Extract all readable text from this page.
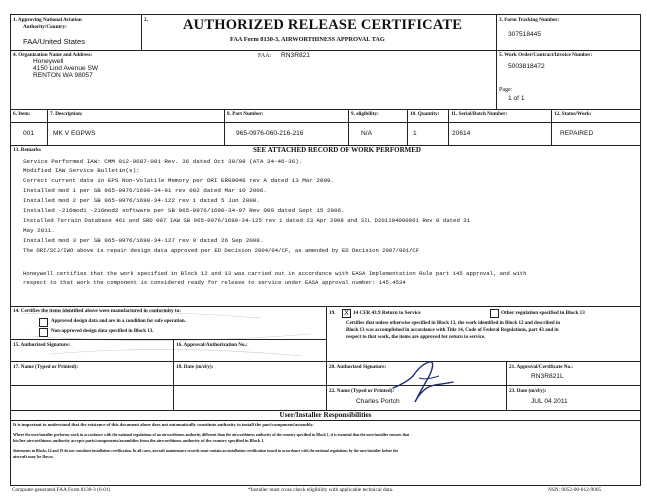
1. Approving National Aviation
Authority/Country:
FAA/United States
2. AUTHORIZED RELEASE CERTIFICATE
FAA Form 8130-3, AIRWORTHINESS APPROVAL TAG
3. Form Tracking Number:
307518445
4. Organization Name and Address:
Honeywell
4150 Lind Avenue SW
RENTON WA 98057
FAA: RN3R821	5. Work Order/Contract/Invoice Number:
5003818472
Page:
1 of 1
6. Item:	7. Description:	8. Part Number:	9. eligibility:	10. Quantity: 11. Serial/Batch Number:	12. Status/Work:
001	MK V EGPWS	965-0976-060-216-216	N/A	1	20614	REPAIRED
13. Remarks	SEE ATTACHED RECORD OF WORK PERFORMED
Service Performed IAW: CMM 012-0687-001 Rev. 36 dated Oct 30/08 (ATA 34-46-36).
Modified IAW Service Bulletin(s):
Correct current date in EPS Non-Volatile Memory per ORI ER00046 rev A dated 13 Mar 2009.
Installed mod 1 per SB 965-0976/1690-34-91 rev 002 dated Mar 10 2006.
Installed mod 2 per SB 965-0976/1690-34-122 rev 1 dated 5 Jun 2008.
Installed -216mod1 -216mod2 software per SB 965-0976/1690-34-97 Rev 000 dated Sept 15 2006.
Installed Terrain Database 461 and SRD 097 IAW SB 965-0976/1690-34-125 rev 1 dated 23 Apr 2008 and SIL D201104000061 Rev 0 dated 31
May 2011.
Installed mod 3 per SB 965-0976/1690-34-127 rev 0 dated 26 Sep 2008.
The ORI/SCJ/IWO above is repair design data approved per ED Decision 2004/04/CF, as amended by ED Decision 2007/001/CF
Honeywell certifies that the work specified in Block 12 and 13 was carried out in accordance with EASA Implementation Rule part 145 approval, and with
respect to that work the component is considered ready for release to service under EASA approval number: 145.4534
14. Certifies the items identified above were manufactured in conformity to:
Approved design data and are in a condition for safe operation.
Non-approved design data specified in Block 13.
15. Authorized Signature:	16. Approval/Authorization No.:
17. Name (Typed or Printed):	18. Date (m/d/y):
19.	X 14 CFR 43.9 Return to Service	Other regulation specified in Block 13
Certifies that unless otherwise specified in Block 13, the work identified in Block 12 and described in
Block 13 was accomplished in accordance with Title 14, Code of Federal Regulations, part 43 and in
respect to that work, the items are approved for return to service.
20. Authorized Signature:	21. Approval/Certificate No.:
RN3R821L
22. Name (Typed or Printed):
Charles Portch
23. Date (m/d/y):
JUL 04 2011
User/Installer Responsibilities
It is important to understand that the existence of this document alone does not automatically constitute authority to install the part/component/assembly.
Where the user/installer performs work in accordance with the national regulations of an airworthiness authority different than the airworthiness authority of the country specified in Block 1, it is essential that the user/installer ensures that
his/her airworthiness authority accepts parts/components/assemblies from the airworthiness authority of the country specified in Block 1.
Statements in Blocks 14 and 19 do not constitute installation certification. In all cases, aircraft maintenance records must contain an installation certification issued in accordance with the national regulations by the user/installer before the
aircraft may be flown.
Computer-generated FAA Form 8130-3 (6-01)	*Installer must cross check eligibility with applicable technical data.	NSN: 0052-00-012-9005
